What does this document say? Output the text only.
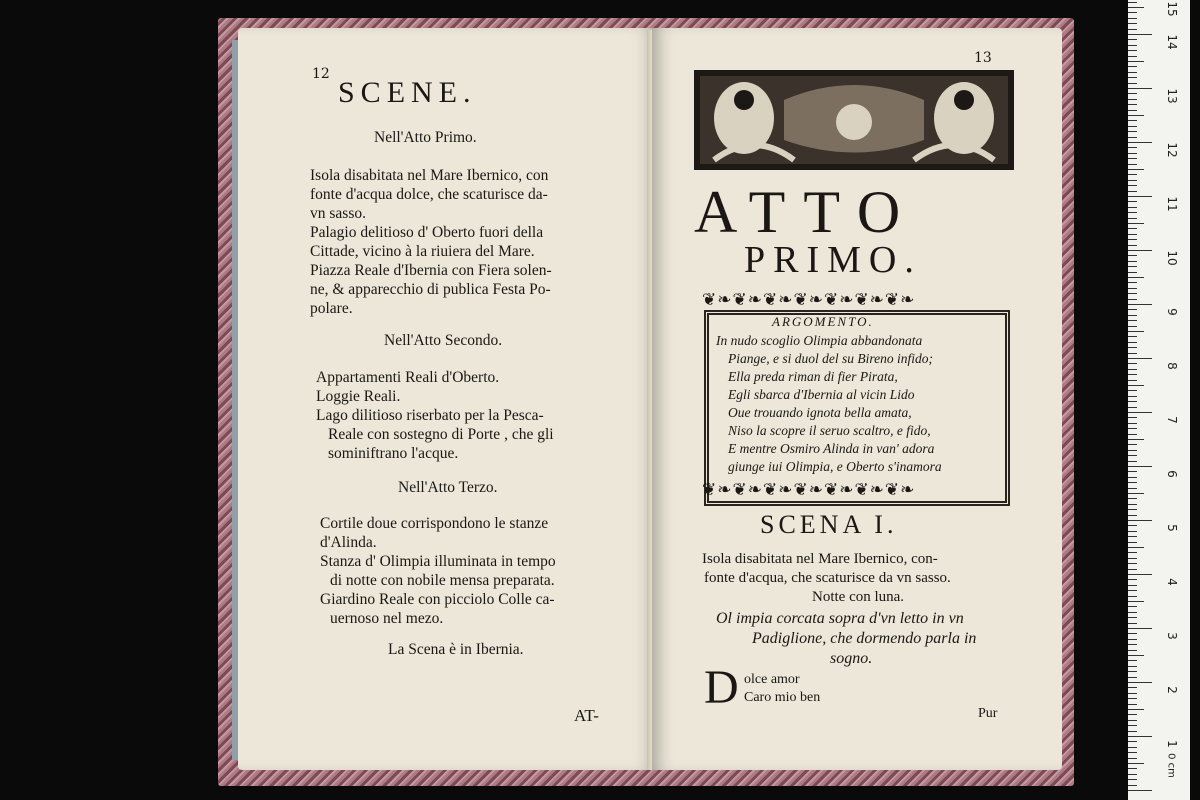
12
SCENE.
Nell'Atto Primo.
Isola disabitata nel Mare Ibernico, con
fonte d'acqua dolce, che scaturisce da-
vn sasso.
Palagio delitioso d' Oberto fuori della
Cittade, vicino à la riuiera del Mare.
Piazza Reale d'Ibernia con Fiera solen-
ne, & apparecchio di publica Festa Po-
polare.
Nell'Atto Secondo.
Appartamenti Reali d'Oberto.
Loggie Reali.
Lago dilitioso riserbato per la Pesca-
Reale con sostegno di Porte , che gli
sominiftrano l'acque.
Nell'Atto Terzo.
Cortile doue corrispondono le stanze
d'Alinda.
Stanza d' Olimpia illuminata in tempo
di notte con nobile mensa preparata.
Giardino Reale con picciolo Colle ca-
uernoso nel mezo.
La Scena è in Ibernia.
AT-
13
ATTO
PRIMO.
❦❧❦❧❦❧❦❧❦❧❦❧❦❧
❦❧❦❧❦❧❦❧❦❧❦❧❦❧
ARGOMENTO.
In nudo scoglio Olimpia abbandonata
Piange, e si duol del su Bireno infido;
Ella preda riman di fier Pirata,
Egli sbarca d'Ibernia al vicin Lido
Oue trouando ignota bella amata,
Niso la scopre il seruo scaltro, e fido,
E mentre Osmiro Alinda in van' adora
giunge iui Olimpia, e Oberto s'inamora
SCENA I.
Isola disabitata nel Mare Ibernico, con-
fonte d'acqua, che scaturisce da vn sasso.
Notte con luna.
Ol impia corcata sopra d'vn letto in vn
Padiglione, che dormendo parla in
sogno.
D olce amor
Caro mio ben
Pur
0 cm
1
2
3
4
5
6
7
8
9
10
11
12
13
14
15
